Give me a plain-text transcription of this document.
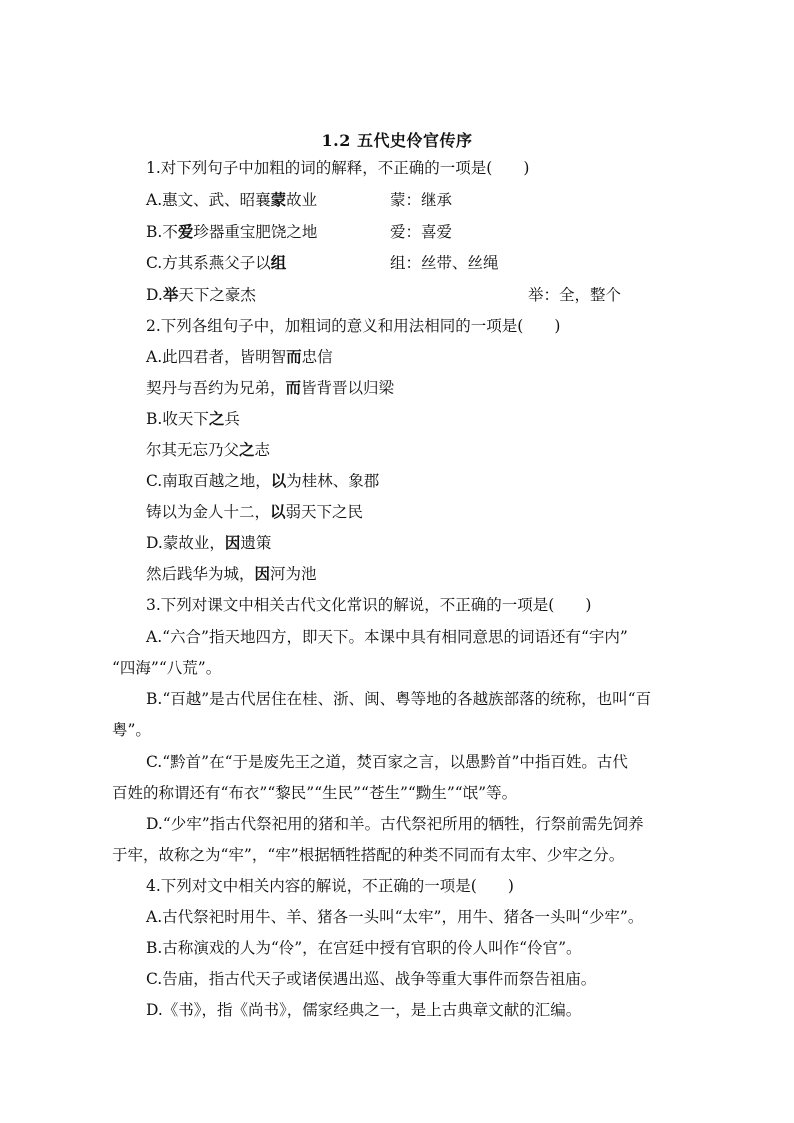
1.2 五代史伶官传序
1.对下列句子中加粗的词的解释，不正确的一项是(　　)
A.惠文、武、昭襄蒙故业	蒙：继承
B.不爱珍器重宝肥饶之地	爱：喜爱
C.方其系燕父子以组	组：丝带、丝绳
D.举天下之豪杰	举：全，整个
2.下列各组句子中，加粗词的意义和用法相同的一项是(　　)
A.此四君者，皆明智而忠信
契丹与吾约为兄弟，而皆背晋以归梁
B.收天下之兵
尔其无忘乃父之志
C.南取百越之地，以为桂林、象郡
铸以为金人十二，以弱天下之民
D.蒙故业，因遗策
然后践华为城，因河为池
3.下列对课文中相关古代文化常识的解说，不正确的一项是(　　)
A.“六合”指天地四方，即天下。本课中具有相同意思的词语还有“宇内”
“四海”“八荒”。
B.“百越”是古代居住在桂、浙、闽、粤等地的各越族部落的统称，也叫“百
粤”。
C.“黔首”在“于是废先王之道，焚百家之言，以愚黔首”中指百姓。古代
百姓的称谓还有“布衣”“黎民”“生民”“苍生”“黝生”“氓”等。
D.“少牢”指古代祭祀用的猪和羊。古代祭祀所用的牺牲，行祭前需先饲养
于牢，故称之为“牢”，“牢”根据牺牲搭配的种类不同而有太牢、少牢之分。
4.下列对文中相关内容的解说，不正确的一项是(　　)
A.古代祭祀时用牛、羊、猪各一头叫“太牢”，用牛、猪各一头叫“少牢”。
B.古称演戏的人为“伶”，在宫廷中授有官职的伶人叫作“伶官”。
C.告庙，指古代天子或诸侯遇出巡、战争等重大事件而祭告祖庙。
D.《书》，指《尚书》，儒家经典之一，是上古典章文献的汇编。
